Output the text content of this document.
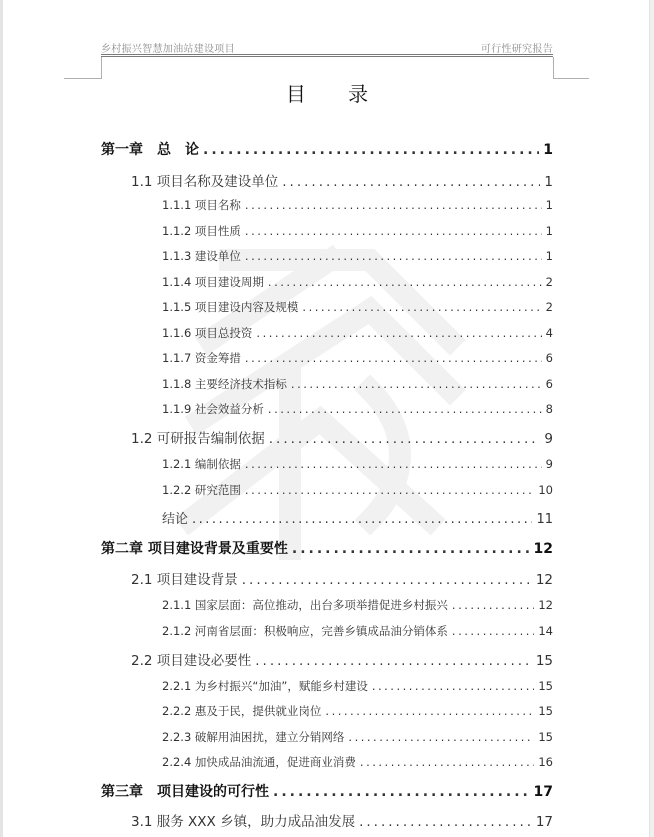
乡村振兴智慧加油站建设项目	可行性研究报告
目 录
第一章　总　论 .....	1
1.1 项目名称及建设单位 .....	1
1.1.1 项目名称 .....	1
1.1.2 项目性质 .....	1
1.1.3 建设单位 .....	1
1.1.4 项目建设周期 .....	2
1.1.5 项目建设内容及规模 .....	2
1.1.6 项目总投资 .....	4
1.1.7 资金筹措 .....	6
1.1.8 主要经济技术指标 .....	6
1.1.9 社会效益分析 .....	8
1.2 可研报告编制依据 .....	9
1.2.1 编制依据 .....	9
1.2.2 研究范围 .....	10
结论 .....	11
第二章 项目建设背景及重要性 .....	12
2.1 项目建设背景 .....	12
2.1.1 国家层面：高位推动，出台多项举措促进乡村振兴 .....	12
2.1.2 河南省层面：积极响应，完善乡镇成品油分销体系 .....	14
2.2 项目建设必要性 .....	15
2.2.1 为乡村振兴“加油”，赋能乡村建设 .....	15
2.2.2 惠及于民，提供就业岗位 .....	15
2.2.3 破解用油困扰，建立分销网络 .....	15
2.2.4 加快成品油流通，促进商业消费 .....	16
第三章　项目建设的可行性 .....	17
3.1 服务 XXX 乡镇，助力成品油发展 .....	17
